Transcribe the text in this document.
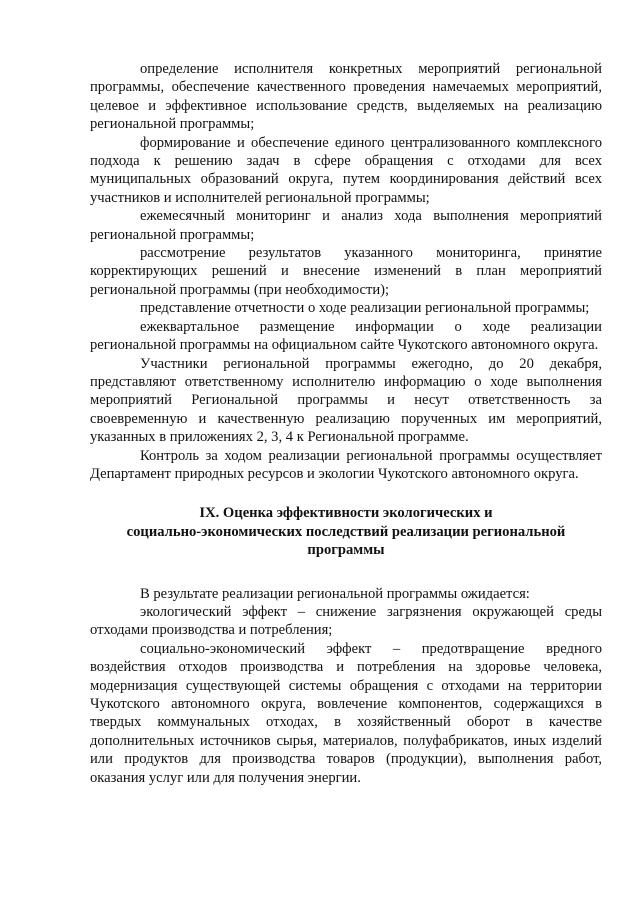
определение исполнителя конкретных мероприятий региональной программы, обеспечение качественного проведения намечаемых мероприятий, целевое и эффективное использование средств, выделяемых на реализацию региональной программы;

формирование и обеспечение единого централизованного комплексного подхода к решению задач в сфере обращения с отходами для всех муниципальных образований округа, путем координирования действий всех участников и исполнителей региональной программы;

ежемесячный мониторинг и анализ хода выполнения мероприятий региональной программы;

рассмотрение результатов указанного мониторинга, принятие корректирующих решений и внесение изменений в план мероприятий региональной программы (при необходимости);

представление отчетности о ходе реализации региональной программы;

ежеквартальное размещение информации о ходе реализации региональной программы на официальном сайте Чукотского автономного округа.

Участники региональной программы ежегодно, до 20 декабря, представляют ответственному исполнителю информацию о ходе выполнения мероприятий Региональной программы и несут ответственность за своевременную и качественную реализацию порученных им мероприятий, указанных в приложениях 2, 3, 4 к Региональной программе.

Контроль за ходом реализации региональной программы осуществляет Департамент природных ресурсов и экологии Чукотского автономного округа.

IX. Оценка эффективности экологических и
социально-экономических последствий реализации региональной
программы

В результате реализации региональной программы ожидается:

экологический эффект – снижение загрязнения окружающей среды отходами производства и потребления;

социально-экономический эффект – предотвращение вредного воздействия отходов производства и потребления на здоровье человека, модернизация существующей системы обращения с отходами на территории Чукотского автономного округа, вовлечение компонентов, содержащихся в твердых коммунальных отходах, в хозяйственный оборот в качестве дополнительных источников сырья, материалов, полуфабрикатов, иных изделий или продуктов для производства товаров (продукции), выполнения работ, оказания услуг или для получения энергии.
